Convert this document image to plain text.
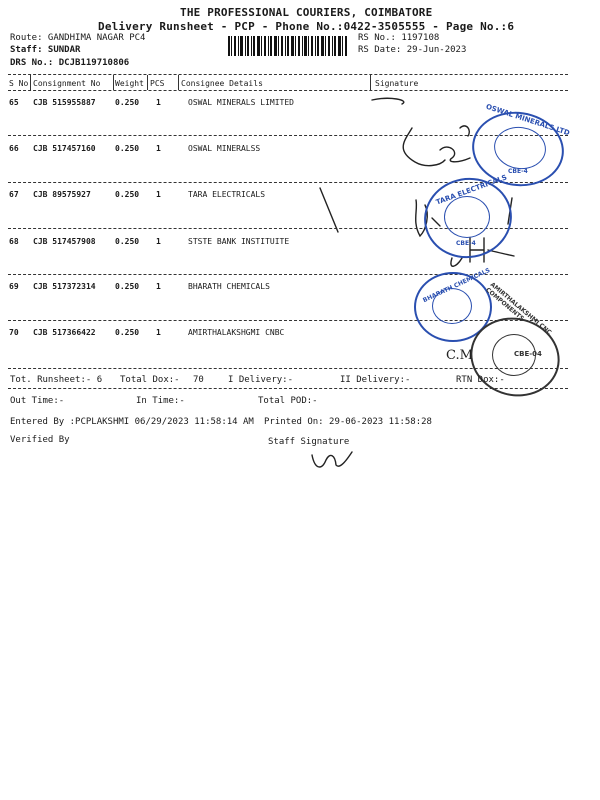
THE PROFESSIONAL COURIERS, COIMBATORE
Delivery Runsheet - PCP - Phone No.:0422-3505555 - Page No.:6
Route: GANDHIMA NAGAR PC4
Staff: SUNDAR
DRS No.: DCJB119710806
RS No.: 1197108
RS Date: 29-Jun-2023
S No Consignment No Weight PCS Consignee Details	Signature
65 CJB 515955887 0.250 1	OSWAL MINERALS LIMITED
66 CJB 517457160 0.250 1	OSWAL MINERALSS
67 CJB 89575927	0.250 1	TARA ELECTRICALS
68 CJB 517457908 0.250 1	STSTE BANK INSTITUITE
69 CJB 517372314 0.250 1	BHARATH CHEMICALS
70 CJB 517366422 0.250 1	AMIRTHALAKSHGMI CNBC
OSWAL MINERALS LTD
CBE-4
TARA ELECTRICALS
CBE-4
BHARATH CHEMICALS
AMIRTHALAKSHMI CNC COMPONENTS
CBE-04
C.M
Tot. Runsheet:- 6 Total Dox:- 70	I Delivery:-	II Delivery:-	RTN Dox:-
Out Time:-	In Time:-	Total POD:-
Entered By :PCPLAKSHMI 06/29/2023 11:58:14 AM Printed On: 29-06-2023 11:58:28
Verified By	Staff Signature
